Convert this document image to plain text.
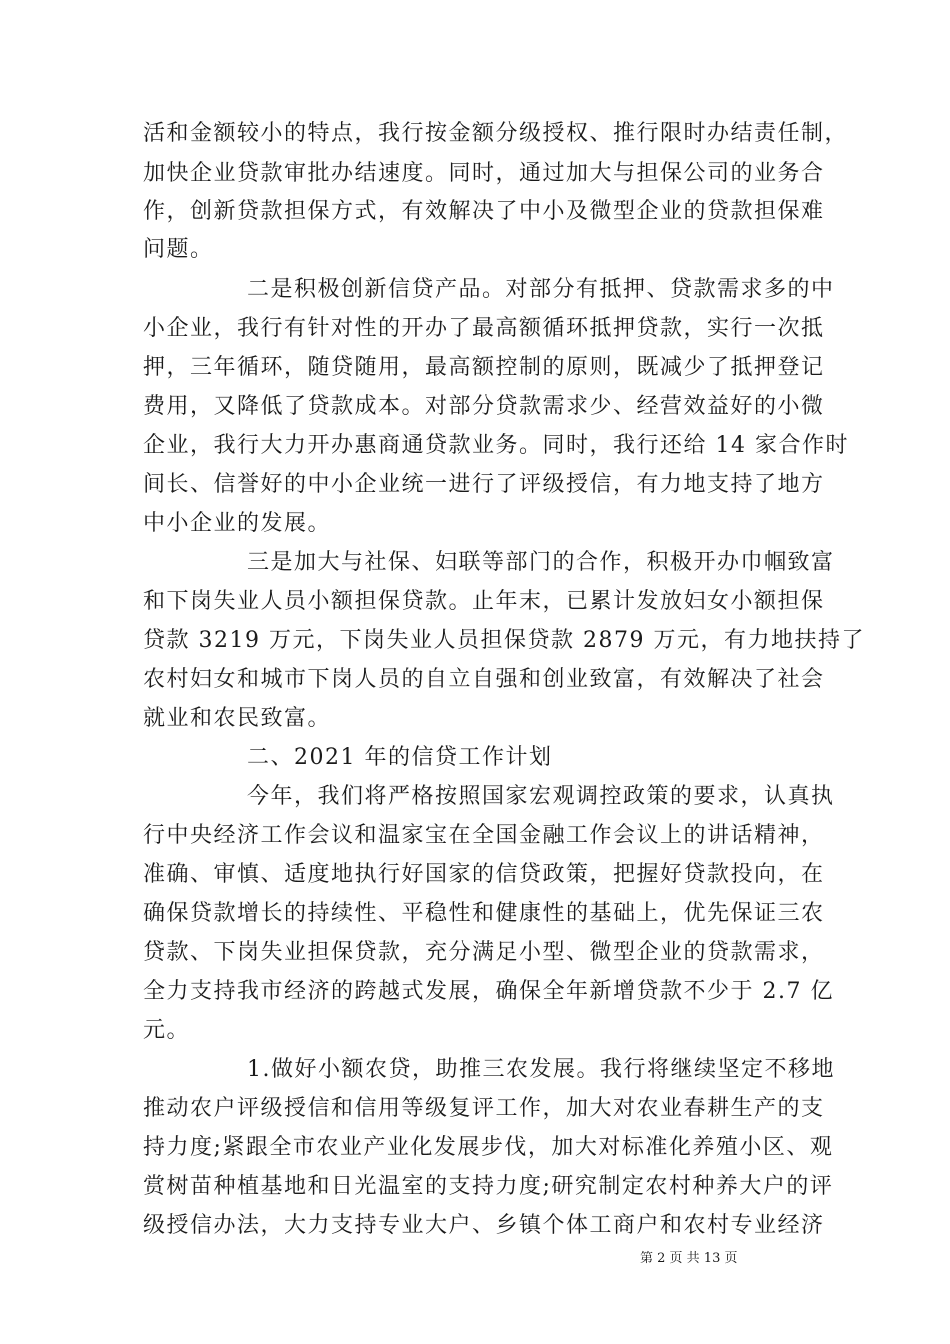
活和金额较小的特点，我行按金额分级授权、推行限时办结责任制，
加快企业贷款审批办结速度。同时，通过加大与担保公司的业务合
作，创新贷款担保方式，有效解决了中小及微型企业的贷款担保难
问题。
二是积极创新信贷产品。对部分有抵押、贷款需求多的中
小企业，我行有针对性的开办了最高额循环抵押贷款，实行一次抵
押，三年循环，随贷随用，最高额控制的原则，既减少了抵押登记
费用，又降低了贷款成本。对部分贷款需求少、经营效益好的小微
企业，我行大力开办惠商通贷款业务。同时，我行还给 14 家合作时
间长、信誉好的中小企业统一进行了评级授信，有力地支持了地方
中小企业的发展。
三是加大与社保、妇联等部门的合作，积极开办巾帼致富
和下岗失业人员小额担保贷款。止年末，已累计发放妇女小额担保
贷款 3219 万元，下岗失业人员担保贷款 2879 万元，有力地扶持了
农村妇女和城市下岗人员的自立自强和创业致富，有效解决了社会
就业和农民致富。
二、2021 年的信贷工作计划
今年，我们将严格按照国家宏观调控政策的要求，认真执
行中央经济工作会议和温家宝在全国金融工作会议上的讲话精神，
准确、审慎、适度地执行好国家的信贷政策，把握好贷款投向，在
确保贷款增长的持续性、平稳性和健康性的基础上，优先保证三农
贷款、下岗失业担保贷款，充分满足小型、微型企业的贷款需求，
全力支持我市经济的跨越式发展，确保全年新增贷款不少于 2.7 亿
元。
1.做好小额农贷，助推三农发展。我行将继续坚定不移地
推动农户评级授信和信用等级复评工作，加大对农业春耕生产的支
持力度;紧跟全市农业产业化发展步伐，加大对标准化养殖小区、观
赏树苗种植基地和日光温室的支持力度;研究制定农村种养大户的评
级授信办法，大力支持专业大户、乡镇个体工商户和农村专业经济
第 2 页 共 13 页
